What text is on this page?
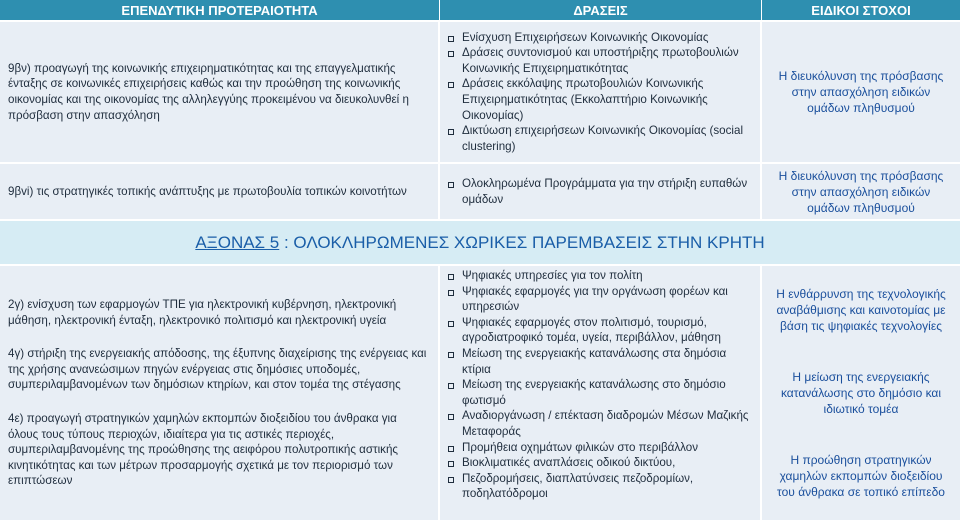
ΕΠΕΝΔΥΤΙΚΗ ΠΡΟΤΕΡΑΙΟΤΗΤΑ	ΔΡΑΣΕΙΣ	ΕΙΔΙΚΟΙ ΣΤΟΧΟΙ
9βν) προαγωγή της κοινωνικής επιχειρηματικότητας και της επαγγελματικής ένταξης σε κοινωνικές επιχειρήσεις καθώς και την προώθηση της κοινωνικής οικονομίας και της οικονομίας της αλληλεγγύης προκειμένου να διευκολυνθεί η πρόσβαση στην απασχόληση
Ενίσχυση Επιχειρήσεων Κοινωνικής Οικονομίας
Δράσεις συντονισμού και υποστήριξης πρωτοβουλιών Κοινωνικής Επιχειρηματικότητας
Δράσεις εκκόλαψης πρωτοβουλιών Κοινωνικής Επιχειρηματικότητας (Εκκολαπτήριο Κοινωνικής Οικονομίας)
Δικτύωση επιχειρήσεων Κοινωνικής Οικονομίας (social clustering)
Η διευκόλυνση της πρόσβασης στην απασχόληση ειδικών ομάδων πληθυσμού
9βvi) τις στρατηγικές τοπικής ανάπτυξης με πρωτοβουλία τοπικών κοινοτήτων
Ολοκληρωμένα Προγράμματα για την στήριξη ευπαθών ομάδων
Η διευκόλυνση της πρόσβασης στην απασχόληση ειδικών ομάδων πληθυσμού
ΑΞΟΝΑΣ 5 : ΟΛΟΚΛΗΡΩΜΕΝΕΣ ΧΩΡΙΚΕΣ ΠΑΡΕΜΒΑΣΕΙΣ ΣΤΗΝ ΚΡΗΤΗ

2γ) ενίσχυση των εφαρμογών ΤΠΕ για ηλεκτρονική κυβέρνηση, ηλεκτρονική μάθηση, ηλεκτρονική ένταξη, ηλεκτρονικό πολιτισμό και ηλεκτρονική υγεία

4γ) στήριξη της ενεργειακής απόδοσης, της έξυπνης διαχείρισης της ενέργειας και της χρήσης ανανεώσιμων πηγών ενέργειας στις δημόσιες υποδομές, συμπεριλαμβανομένων των δημόσιων κτηρίων, και στον τομέα της στέγασης

4ε) προαγωγή στρατηγικών χαμηλών εκπομπών διοξειδίου του άνθρακα για όλους τους τύπους περιοχών, ιδιαίτερα για τις αστικές περιοχές, συμπεριλαμβανομένης της προώθησης της αειφόρου πολυτροπικής αστικής κινητικότητας και των μέτρων προσαρμογής σχετικά με τον περιορισμό των επιπτώσεων

Ψηφιακές υπηρεσίες για τον πολίτη
Ψηφιακές εφαρμογές για την οργάνωση φορέων και υπηρεσιών
Ψηφιακές εφαρμογές στον πολιτισμό, τουρισμό, αγροδιατροφικό τομέα, υγεία, περιβάλλον, μάθηση
Μείωση της ενεργειακής κατανάλωσης στα δημόσια κτίρια
Μείωση της ενεργειακής κατανάλωσης στο δημόσιο φωτισμό
Αναδιοργάνωση / επέκταση διαδρομών Μέσων Μαζικής Μεταφοράς
Προμήθεια οχημάτων φιλικών στο περιβάλλον
Βιοκλιματικές αναπλάσεις οδικού δικτύου,
Πεζοδρομήσεις, διαπλατύνσεις πεζοδρομίων, ποδηλατόδρομοι

Η ενθάρρυνση της τεχνολογικής αναβάθμισης και καινοτομίας με βάση τις ψηφιακές τεχνολογίες

Η μείωση της ενεργειακής κατανάλωσης στο δημόσιο και ιδιωτικό τομέα

Η προώθηση στρατηγικών χαμηλών εκπομπών διοξειδίου του άνθρακα σε τοπικό επίπεδο
